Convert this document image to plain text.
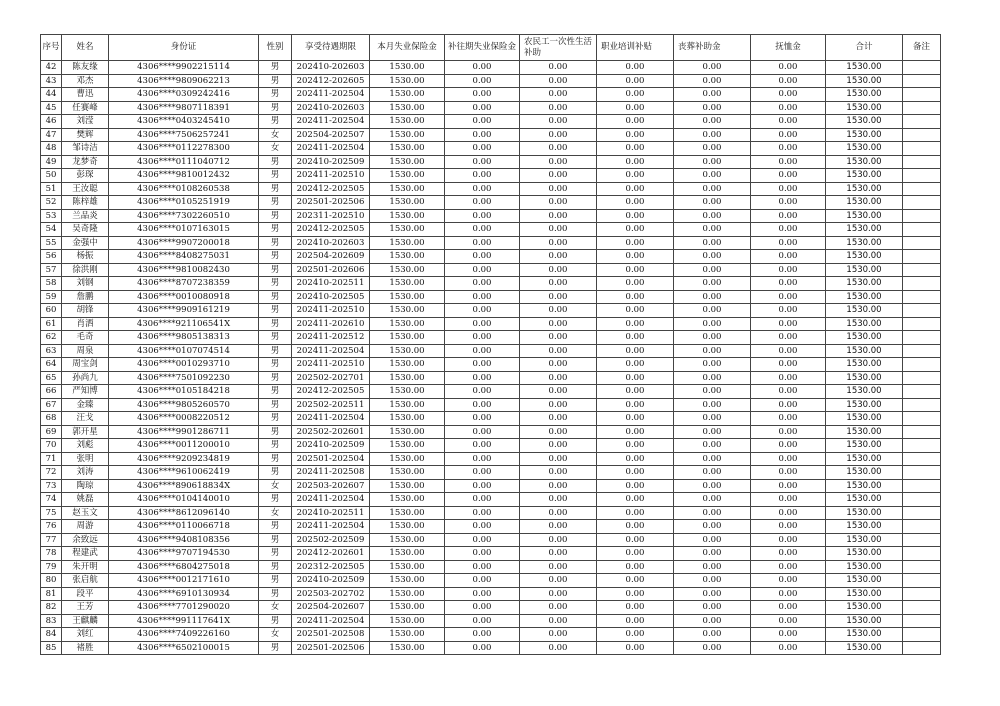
序号	姓名	身份证	性别	享受待遇期限	本月失业保险金	补往期失业保险金	农民工一次性生活补助	职业培训补贴	丧葬补助金	抚恤金	合计	备注
42	陈友缘	4306****9902215114	男	202410-202603	1530.00	0.00	0.00	0.00	0.00	0.00	1530.00	
43	邓杰	4306****9809062213	男	202412-202605	1530.00	0.00	0.00	0.00	0.00	0.00	1530.00	
44	曹迅	4306****0309242416	男	202411-202504	1530.00	0.00	0.00	0.00	0.00	0.00	1530.00	
45	任赛峰	4306****9807118391	男	202410-202603	1530.00	0.00	0.00	0.00	0.00	0.00	1530.00	
46	刘滢	4306****0403245410	男	202411-202504	1530.00	0.00	0.00	0.00	0.00	0.00	1530.00	
47	樊辉	4306****7506257241	女	202504-202507	1530.00	0.00	0.00	0.00	0.00	0.00	1530.00	
48	邹诗洁	4306****0112278300	女	202411-202504	1530.00	0.00	0.00	0.00	0.00	0.00	1530.00	
49	龙梦奇	4306****0111040712	男	202410-202509	1530.00	0.00	0.00	0.00	0.00	0.00	1530.00	
50	彭琛	4306****9810012432	男	202411-202510	1530.00	0.00	0.00	0.00	0.00	0.00	1530.00	
51	王汝聪	4306****0108260538	男	202412-202505	1530.00	0.00	0.00	0.00	0.00	0.00	1530.00	
52	陈梓雄	4306****0105251919	男	202501-202506	1530.00	0.00	0.00	0.00	0.00	0.00	1530.00	
53	兰品炎	4306****7302260510	男	202311-202510	1530.00	0.00	0.00	0.00	0.00	0.00	1530.00	
54	吴奇隆	4306****0107163015	男	202412-202505	1530.00	0.00	0.00	0.00	0.00	0.00	1530.00	
55	金强中	4306****9907200018	男	202410-202603	1530.00	0.00	0.00	0.00	0.00	0.00	1530.00	
56	杨振	4306****8408275031	男	202504-202609	1530.00	0.00	0.00	0.00	0.00	0.00	1530.00	
57	徐洪刚	4306****9810082430	男	202501-202606	1530.00	0.00	0.00	0.00	0.00	0.00	1530.00	
58	刘钢	4306****8707238359	男	202410-202511	1530.00	0.00	0.00	0.00	0.00	0.00	1530.00	
59	詹鹏	4306****0010080918	男	202410-202505	1530.00	0.00	0.00	0.00	0.00	0.00	1530.00	
60	胡锋	4306****9909161219	男	202411-202510	1530.00	0.00	0.00	0.00	0.00	0.00	1530.00	
61	肖洒	4306****921106541X	男	202411-202610	1530.00	0.00	0.00	0.00	0.00	0.00	1530.00	
62	毛奇	4306****9805138313	男	202411-202512	1530.00	0.00	0.00	0.00	0.00	0.00	1530.00	
63	周泉	4306****0107074514	男	202411-202504	1530.00	0.00	0.00	0.00	0.00	0.00	1530.00	
64	周宝剑	4306****0010293710	男	202411-202510	1530.00	0.00	0.00	0.00	0.00	0.00	1530.00	
65	孙尚九	4306****7501092230	男	202502-202701	1530.00	0.00	0.00	0.00	0.00	0.00	1530.00	
66	严知博	4306****0105184218	男	202412-202505	1530.00	0.00	0.00	0.00	0.00	0.00	1530.00	
67	金臻	4306****9805260570	男	202502-202511	1530.00	0.00	0.00	0.00	0.00	0.00	1530.00	
68	汪戈	4306****0008220512	男	202411-202504	1530.00	0.00	0.00	0.00	0.00	0.00	1530.00	
69	郭开星	4306****9901286711	男	202502-202601	1530.00	0.00	0.00	0.00	0.00	0.00	1530.00	
70	刘彪	4306****0011200010	男	202410-202509	1530.00	0.00	0.00	0.00	0.00	0.00	1530.00	
71	张明	4306****9209234819	男	202501-202504	1530.00	0.00	0.00	0.00	0.00	0.00	1530.00	
72	刘涛	4306****9610062419	男	202411-202508	1530.00	0.00	0.00	0.00	0.00	0.00	1530.00	
73	陶琼	4306****890618834X	女	202503-202607	1530.00	0.00	0.00	0.00	0.00	0.00	1530.00	
74	姚磊	4306****0104140010	男	202411-202504	1530.00	0.00	0.00	0.00	0.00	0.00	1530.00	
75	赵玉文	4306****8612096140	女	202410-202511	1530.00	0.00	0.00	0.00	0.00	0.00	1530.00	
76	周游	4306****0110066718	男	202411-202504	1530.00	0.00	0.00	0.00	0.00	0.00	1530.00	
77	余致远	4306****9408108356	男	202502-202509	1530.00	0.00	0.00	0.00	0.00	0.00	1530.00	
78	程建武	4306****9707194530	男	202412-202601	1530.00	0.00	0.00	0.00	0.00	0.00	1530.00	
79	朱开明	4306****6804275018	男	202312-202505	1530.00	0.00	0.00	0.00	0.00	0.00	1530.00	
80	张启航	4306****0012171610	男	202410-202509	1530.00	0.00	0.00	0.00	0.00	0.00	1530.00	
81	段平	4306****6910130934	男	202503-202702	1530.00	0.00	0.00	0.00	0.00	0.00	1530.00	
82	王芳	4306****7701290020	女	202504-202607	1530.00	0.00	0.00	0.00	0.00	0.00	1530.00	
83	王麒麟	4306****991117641X	男	202411-202504	1530.00	0.00	0.00	0.00	0.00	0.00	1530.00	
84	刘红	4306****7409226160	女	202501-202508	1530.00	0.00	0.00	0.00	0.00	0.00	1530.00	
85	褚胜	4306****6502100015	男	202501-202506	1530.00	0.00	0.00	0.00	0.00	0.00	1530.00	
